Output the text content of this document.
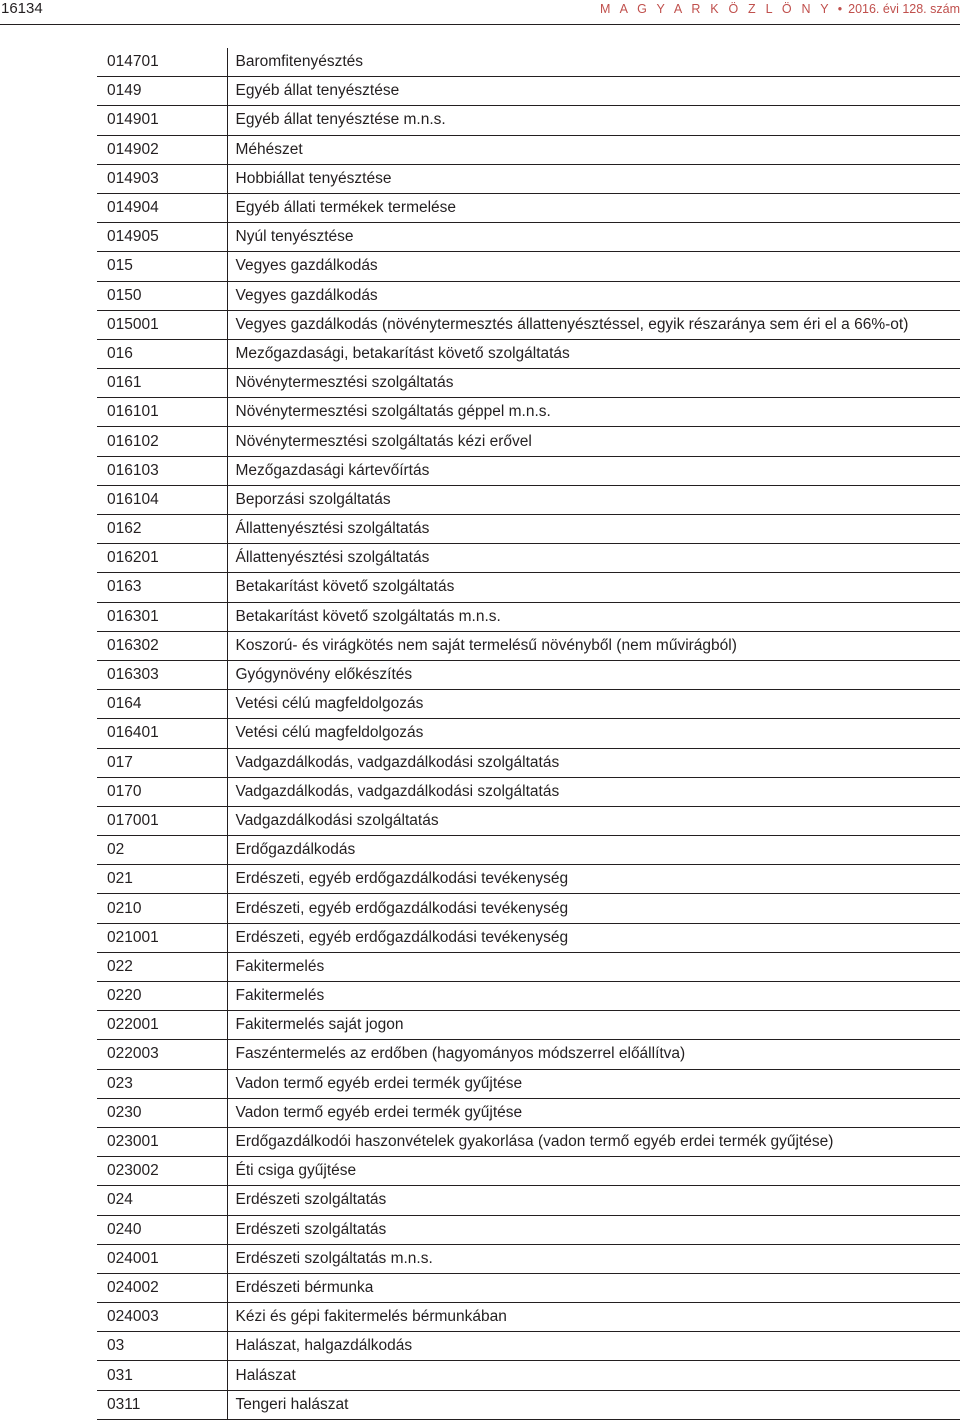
16134	M A G Y A R K Ö Z L Ö N Y • 2016. évi 128. szám
014701	Baromfitenyésztés
0149	Egyéb állat tenyésztése
014901	Egyéb állat tenyésztése m.n.s.
014902	Méhészet
014903	Hobbiállat tenyésztése
014904	Egyéb állati termékek termelése
014905	Nyúl tenyésztése
015	Vegyes gazdálkodás
0150	Vegyes gazdálkodás
015001	Vegyes gazdálkodás (növénytermesztés állattenyésztéssel, egyik részaránya sem éri el a 66%-ot)
016	Mezőgazdasági, betakarítást követő szolgáltatás
0161	Növénytermesztési szolgáltatás
016101	Növénytermesztési szolgáltatás géppel m.n.s.
016102	Növénytermesztési szolgáltatás kézi erővel
016103	Mezőgazdasági kártevőírtás
016104	Beporzási szolgáltatás
0162	Állattenyésztési szolgáltatás
016201	Állattenyésztési szolgáltatás
0163	Betakarítást követő szolgáltatás
016301	Betakarítást követő szolgáltatás m.n.s.
016302	Koszorú- és virágkötés nem saját termelésű növényből (nem művirágból)
016303	Gyógynövény előkészítés
0164	Vetési célú magfeldolgozás
016401	Vetési célú magfeldolgozás
017	Vadgazdálkodás, vadgazdálkodási szolgáltatás
0170	Vadgazdálkodás, vadgazdálkodási szolgáltatás
017001	Vadgazdálkodási szolgáltatás
02	Erdőgazdálkodás
021	Erdészeti, egyéb erdőgazdálkodási tevékenység
0210	Erdészeti, egyéb erdőgazdálkodási tevékenység
021001	Erdészeti, egyéb erdőgazdálkodási tevékenység
022	Fakitermelés
0220	Fakitermelés
022001	Fakitermelés saját jogon
022003	Faszéntermelés az erdőben (hagyományos módszerrel előállítva)
023	Vadon termő egyéb erdei termék gyűjtése
0230	Vadon termő egyéb erdei termék gyűjtése
023001	Erdőgazdálkodói haszonvételek gyakorlása (vadon termő egyéb erdei termék gyűjtése)
023002	Éti csiga gyűjtése
024	Erdészeti szolgáltatás
0240	Erdészeti szolgáltatás
024001	Erdészeti szolgáltatás m.n.s.
024002	Erdészeti bérmunka
024003	Kézi és gépi fakitermelés bérmunkában
03	Halászat, halgazdálkodás
031	Halászat
0311	Tengeri halászat
